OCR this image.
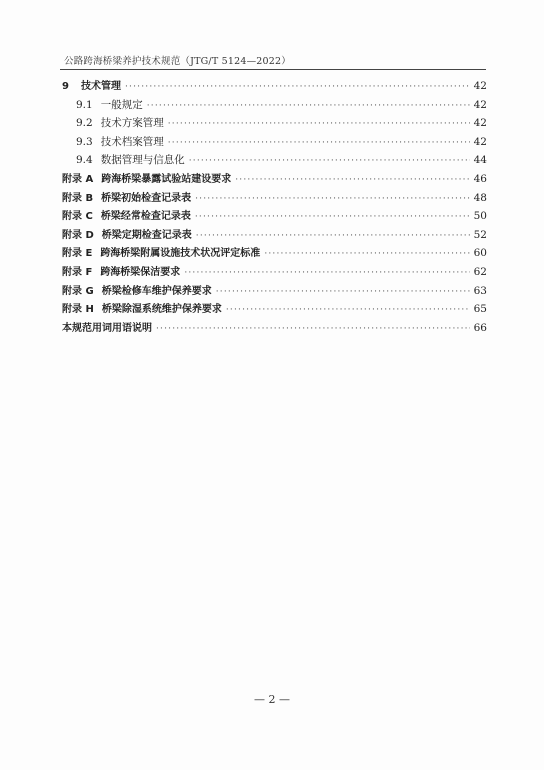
公路跨海桥梁养护技术规范（JTG/T 5124—2022）
9 技术管理 ·····	42
9.1 一般规定 ·····	42
9.2 技术方案管理 ·····	42
9.3 技术档案管理 ·····	42
9.4 数据管理与信息化 ·····	44
附录 A 跨海桥梁暴露试验站建设要求 ·····	46
附录 B 桥梁初始检查记录表 ·····	48
附录 C 桥梁经常检查记录表 ·····	50
附录 D 桥梁定期检查记录表 ·····	52
附录 E 跨海桥梁附属设施技术状况评定标准 ·····	60
附录 F 跨海桥梁保洁要求 ·····	62
附录 G 桥梁检修车维护保养要求 ·····	63
附录 H 桥梁除湿系统维护保养要求 ·····	65
本规范用词用语说明 ·····	66
— 2 —
